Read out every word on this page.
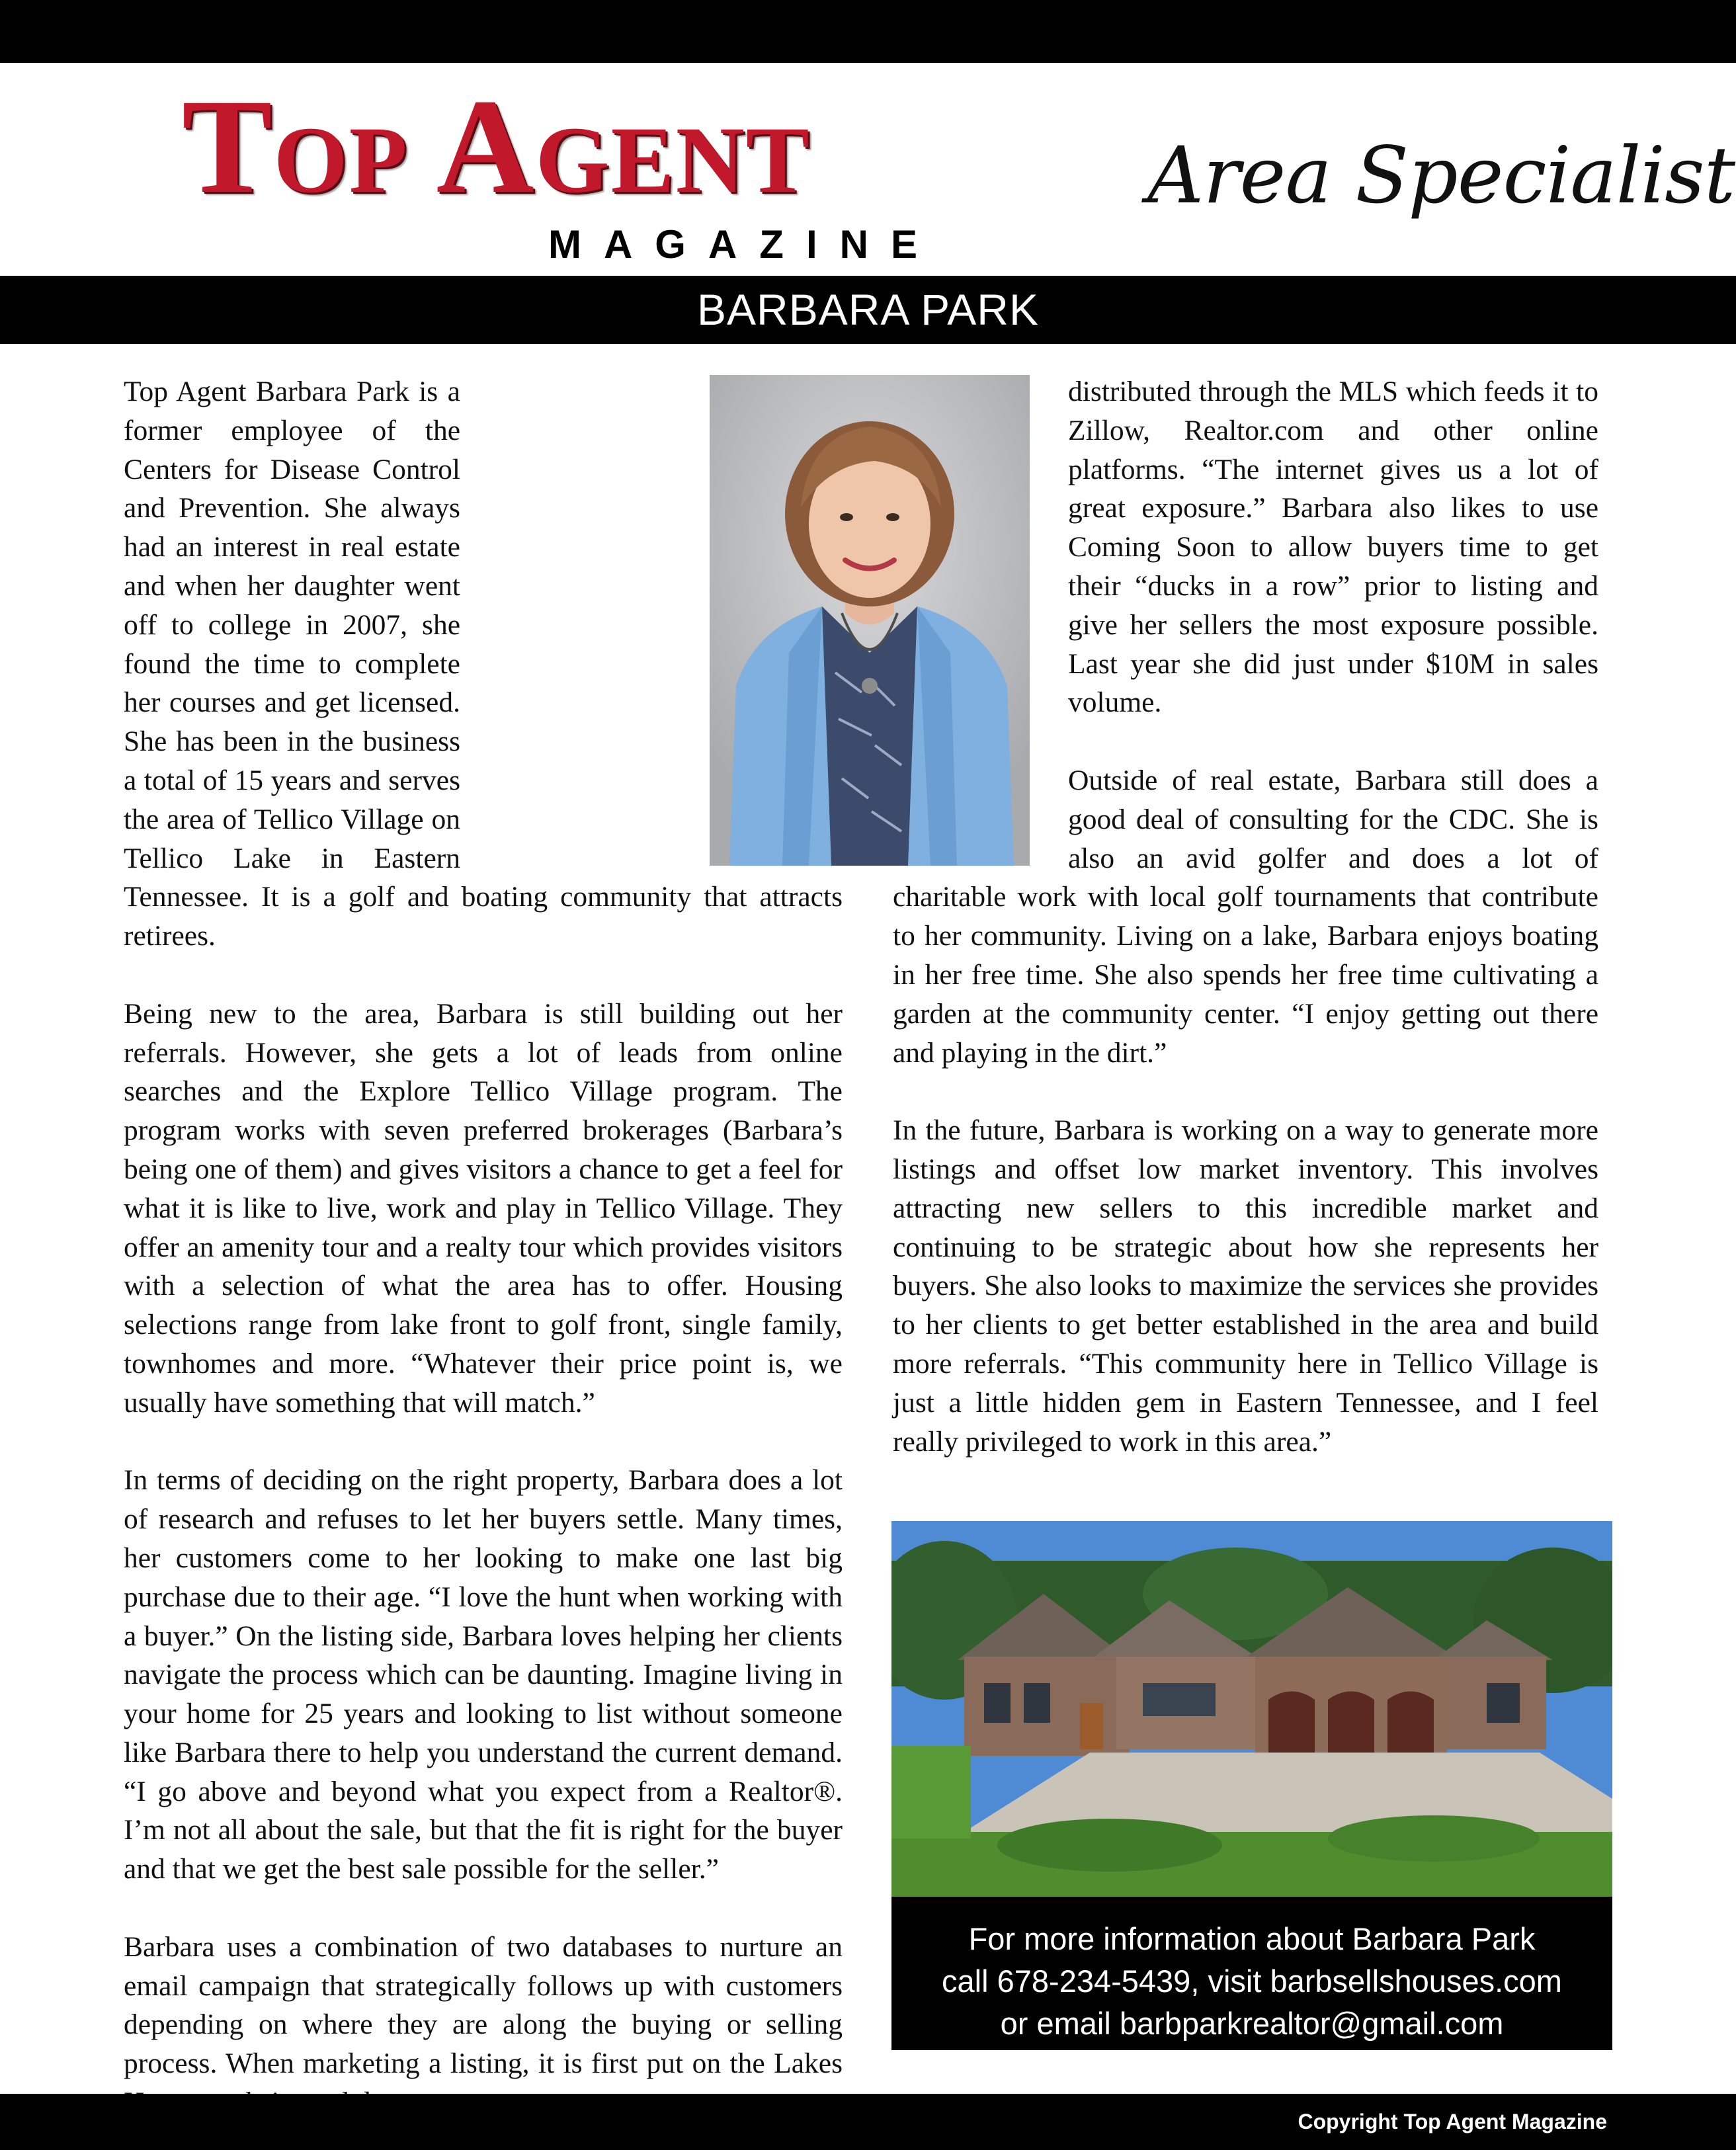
Top Agent
MAGAZINE
Area Specialist
BARBARA PARK

Top Agent Barbara Park is a former employee of the Centers for Disease Control and Prevention. She always had an interest in real estate and when her daughter went off to college in 2007, she found the time to complete her courses and get licensed. She has been in the business a total of 15 years and serves the area of Tellico Village on Tellico Lake in Eastern Tennessee. It is a golf and boating community that attracts retirees.

Being new to the area, Barbara is still building out her referrals. However, she gets a lot of leads from online searches and the Explore Tellico Village program. The program works with seven preferred brokerages (Barbara’s being one of them) and gives visitors a chance to get a feel for what it is like to live, work and play in Tellico Village. They offer an amenity tour and a realty tour which provides visitors with a selection of what the area has to offer. Housing selections range from lake front to golf front, single family, townhomes and more. “Whatever their price point is, we usually have something that will match.”

In terms of deciding on the right property, Barbara does a lot of research and refuses to let her buyers settle. Many times, her customers come to her looking to make one last big purchase due to their age. “I love the hunt when working with a buyer.” On the listing side, Barbara loves helping her clients navigate the process which can be daunting. Imagine living in your home for 25 years and looking to list without someone like Barbara there to help you understand the current demand. “I go above and beyond what you expect from a Realtor®. I’m not all about the sale, but that the fit is right for the buyer and that we get the best sale possible for the seller.”

Barbara uses a combination of two databases to nurture an email campaign that strategically follows up with customers depending on where they are along the buying or selling process. When marketing a listing, it is first put on the Lakes

distributed through the MLS which feeds it to Zillow, Realtor.com and other online platforms. “The internet gives us a lot of great exposure.” Barbara also likes to use Coming Soon to allow buyers time to get their “ducks in a row” prior to listing and give her sellers the most exposure possible. Last year she did just under $10M in sales volume.

Outside of real estate, Barbara still does a good deal of consulting for the CDC. She is also an avid golfer and does a lot of charitable work with local golf tournaments that contribute to her community. Living on a lake, Barbara enjoys boating in her free time. She also spends her free time cultivating a garden at the community center. “I enjoy getting out there and playing in the dirt.”

In the future, Barbara is working on a way to generate more listings and offset low market inventory. This involves attracting new sellers to this incredible market and continuing to be strategic about how she represents her buyers. She also looks to maximize the services she provides to her clients to get better established in the area and build more referrals. “This community here in Tellico Village is just a little hidden gem in Eastern Tennessee, and I feel really privileged to work in this area.”

For more information about Barbara Park
call 678-234-5439, visit barbsellshouses.com
or email barbparkrealtor@gmail.com
Copyright Top Agent Magazine
